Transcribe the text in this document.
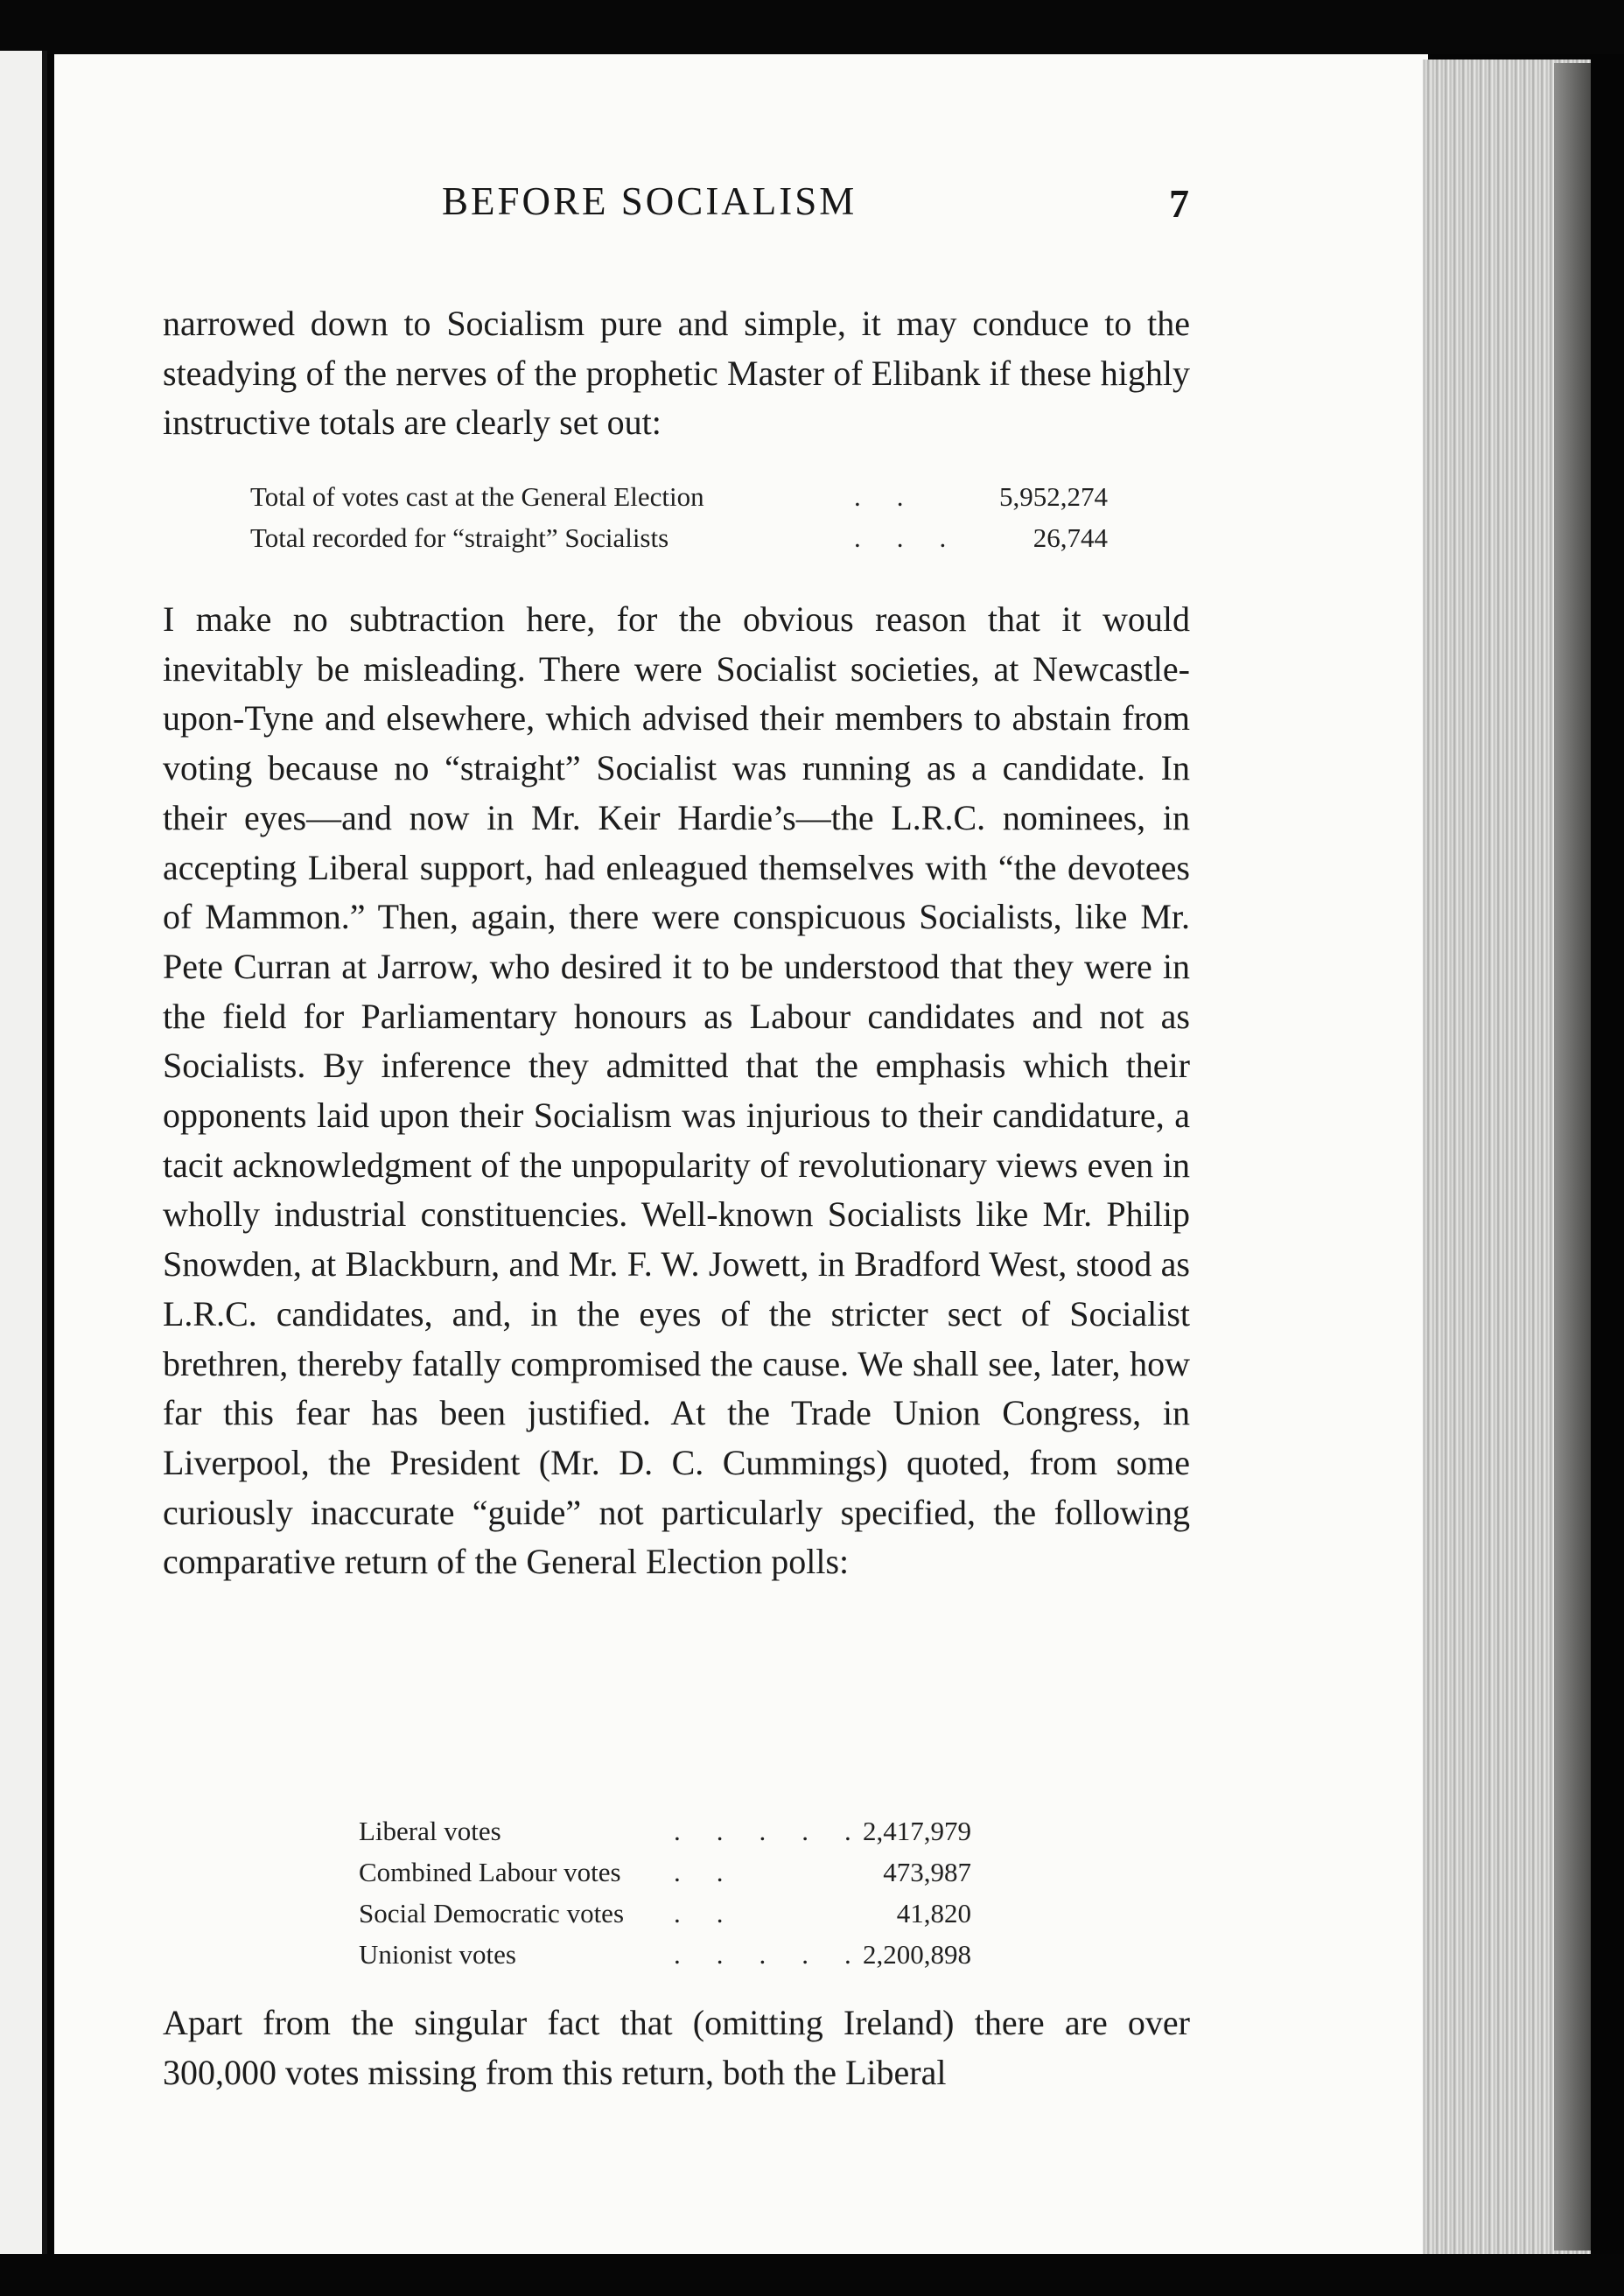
BEFORE SOCIALISM	7

narrowed down to Socialism pure and simple, it may conduce to the steadying of the nerves of the prophetic Master of Elibank if these highly instructive totals are clearly set out:

Total of votes cast at the General Election	.    .	5,952,274
Total recorded for “straight” Socialists	.    .    .	26,744

I make no subtraction here, for the obvious reason that it would inevitably be misleading. There were Socialist societies, at Newcastle-upon-Tyne and elsewhere, which advised their members to abstain from voting because no “straight” Socialist was running as a candidate. In their eyes—and now in Mr. Keir Hardie’s—the L.R.C. nominees, in accepting Liberal support, had enleagued themselves with “the devotees of Mammon.” Then, again, there were conspicuous Socialists, like Mr. Pete Curran at Jarrow, who desired it to be understood that they were in the field for Parliamentary honours as Labour candidates and not as Socialists. By inference they admitted that the emphasis which their opponents laid upon their Socialism was injurious to their candidature, a tacit acknowledgment of the unpopularity of revolutionary views even in wholly industrial constituencies. Well-known Socialists like Mr. Philip Snowden, at Blackburn, and Mr. F. W. Jowett, in Bradford West, stood as L.R.C. candidates, and, in the eyes of the stricter sect of Socialist brethren, thereby fatally compromised the cause. We shall see, later, how far this fear has been justified. At the Trade Union Congress, in Liverpool, the President (Mr. D. C. Cummings) quoted, from some curiously inaccurate “guide” not particularly specified, the following comparative return of the General Election polls:

Liberal votes	.    .    .    .    . 2,417,979
Combined Labour votes .    .	473,987
Social Democratic votes .    .	41,820
Unionist votes	.    .    .    .    . 2,200,898

Apart from the singular fact that (omitting Ireland) there are over 300,000 votes missing from this return, both the Liberal
